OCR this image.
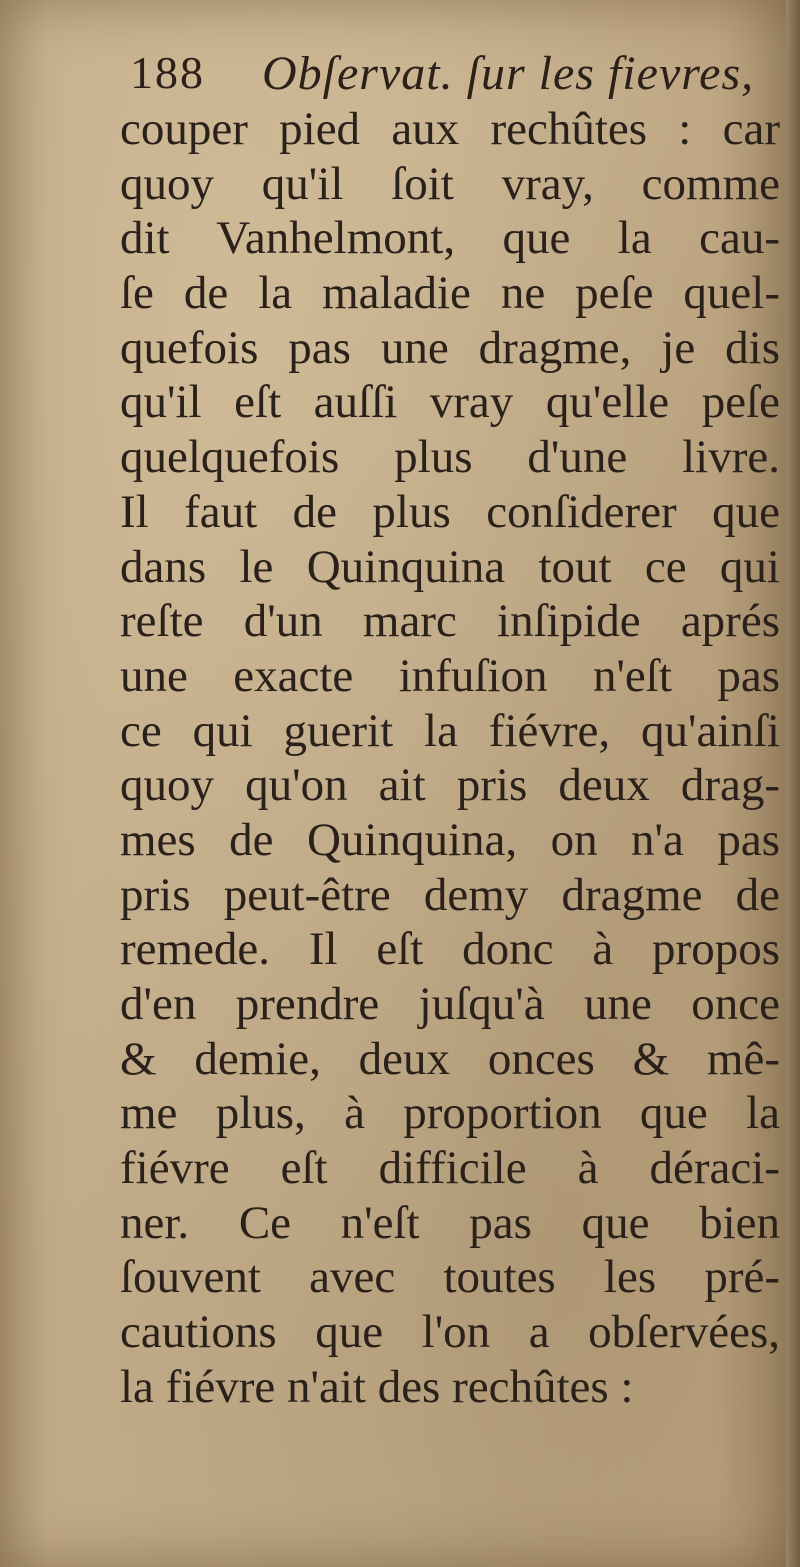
188 Obſervat. ſur les fievres,
couper pied aux rechûtes : car
quoy qu'il ſoit vray, comme
dit Vanhelmont, que la cau-
ſe de la maladie ne peſe quel-
quefois pas une dragme, je dis
qu'il eſt auſſi vray qu'elle peſe
quelquefois plus d'une livre.
Il faut de plus conſiderer que
dans le Quinquina tout ce qui
reſte d'un marc inſipide aprés
une exacte infuſion n'eſt pas
ce qui guerit la fiévre, qu'ainſi
quoy qu'on ait pris deux drag-
mes de Quinquina, on n'a pas
pris peut-être demy dragme de
remede. Il eſt donc à propos
d'en prendre juſqu'à une once
& demie, deux onces & mê-
me plus, à proportion que la
fiévre eſt difficile à déraci-
ner. Ce n'eſt pas que bien
ſouvent avec toutes les pré-
cautions que l'on a obſervées,
la fiévre n'ait des rechûtes :
